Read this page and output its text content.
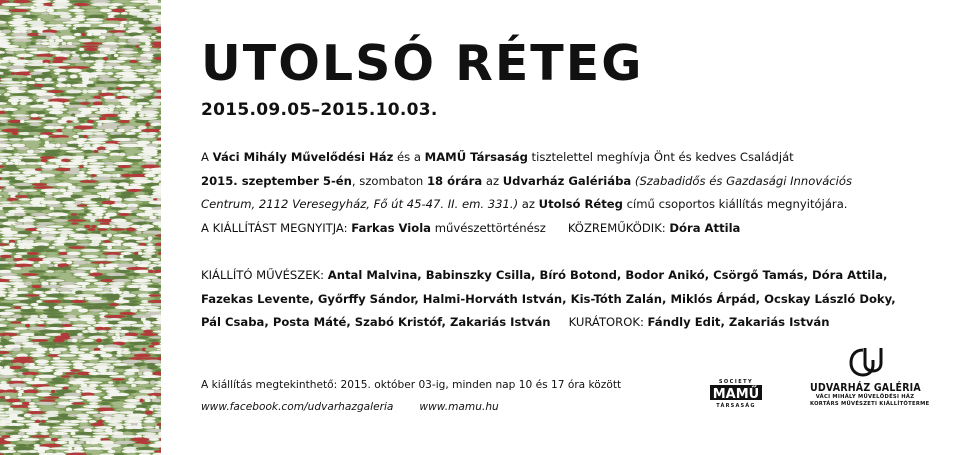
UTOLSÓ RÉTEG
2015.09.05–2015.10.03.
A Váci Mihály Művelődési Ház és a MAMŰ Társaság tisztelettel meghívja Önt és kedves Családját
2015. szeptember 5-én, szombaton 18 órára az Udvarház Galériába (Szabadidős és Gazdasági Innovációs
Centrum, 2112 Veresegyház, Fő út 45-47. II. em. 331.) az Utolsó Réteg című csoportos kiállítás megnyitójára.
A KIÁLLÍTÁST MEGNYITJA: Farkas Viola művészettörténész KÖZREMŰKÖDIK: Dóra Attila
KIÁLLÍTÓ MŰVÉSZEK: Antal Malvina, Babinszky Csilla, Bíró Botond, Bodor Anikó, Csörgő Tamás, Dóra Attila,
Fazekas Levente, Győrffy Sándor, Halmi-Horváth István, Kis-Tóth Zalán, Miklós Árpád, Ocskay László Doky,
Pál Csaba, Posta Máté, Szabó Kristóf, Zakariás István KURÁTOROK: Fándly Edit, Zakariás István
A kiállítás megtekinthető: 2015. október 03-ig, minden nap 10 és 17 óra között
www.facebook.com/udvarhazgaleria www.mamu.hu
SOCIETY
MAMŰ
TÁRSASÁG
UDVARHÁZ GALÉRIA
VÁCI MIHÁLY MŰVELŐDÉSI HÁZ
KORTÁRS MŰVÉSZETI KIÁLLÍTÓTERME
